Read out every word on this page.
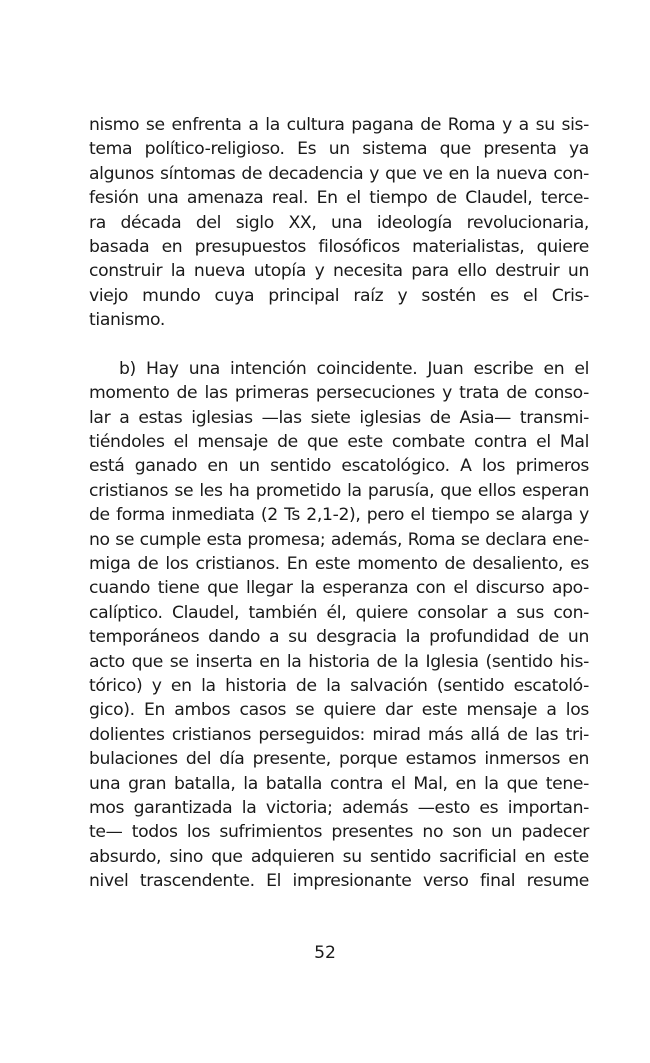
nismo se enfrenta a la cultura pagana de Roma y a su sis-
tema político-religioso. Es un sistema que presenta ya
algunos síntomas de decadencia y que ve en la nueva con-
fesión una amenaza real. En el tiempo de Claudel, terce-
ra década del siglo XX, una ideología revolucionaria,
basada en presupuestos filosóficos materialistas, quiere
construir la nueva utopía y necesita para ello destruir un
viejo mundo cuya principal raíz y sostén es el Cris-
tianismo.
b) Hay una intención coincidente. Juan escribe en el
momento de las primeras persecuciones y trata de conso-
lar a estas iglesias —las siete iglesias de Asia— transmi-
tiéndoles el mensaje de que este combate contra el Mal
está ganado en un sentido escatológico. A los primeros
cristianos se les ha prometido la parusía, que ellos esperan
de forma inmediata (2 Ts 2,1-2), pero el tiempo se alarga y
no se cumple esta promesa; además, Roma se declara ene-
miga de los cristianos. En este momento de desaliento, es
cuando tiene que llegar la esperanza con el discurso apo-
calíptico. Claudel, también él, quiere consolar a sus con-
temporáneos dando a su desgracia la profundidad de un
acto que se inserta en la historia de la Iglesia (sentido his-
tórico) y en la historia de la salvación (sentido escatoló-
gico). En ambos casos se quiere dar este mensaje a los
dolientes cristianos perseguidos: mirad más allá de las tri-
bulaciones del día presente, porque estamos inmersos en
una gran batalla, la batalla contra el Mal, en la que tene-
mos garantizada la victoria; además —esto es importan-
te— todos los sufrimientos presentes no son un padecer
absurdo, sino que adquieren su sentido sacrificial en este
nivel trascendente. El impresionante verso final resume
52
